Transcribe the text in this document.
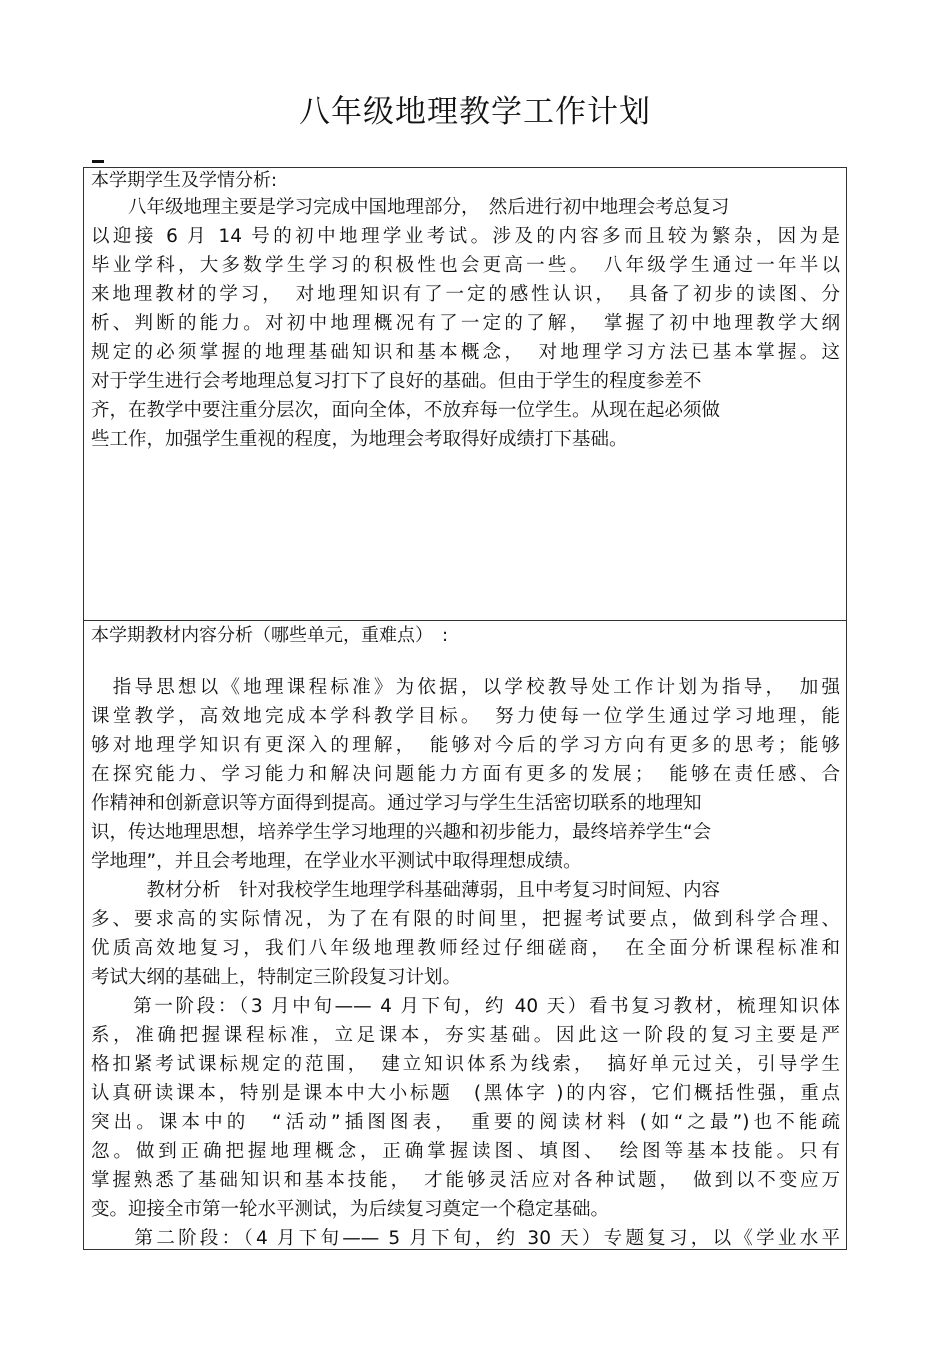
八年级地理教学工作计划

本学期学生及学情分析:

　　八年级地理主要是学习完成中国地理部分，　然后进行初中地理会考总复习

以迎接 6 月 14 号的初中地理学业考试。涉及的内容多而且较为繁杂，因为是

毕业学科，大多数学生学习的积极性也会更高一些。　八年级学生通过一年半以

来地理教材的学习，　对地理知识有了一定的感性认识，　具备了初步的读图、分

析、判断的能力。对初中地理概况有了一定的了解，　掌握了初中地理教学大纲

规定的必须掌握的地理基础知识和基本概念，　对地理学习方法已基本掌握。这

对于学生进行会考地理总复习打下了良好的基础。但由于学生的程度参差不

齐，在教学中要注重分层次，面向全体，不放弃每一位学生。从现在起必须做

些工作，加强学生重视的程度，为地理会考取得好成绩打下基础。

本学期教材内容分析（哪些单元，重难点）　:

　指导思想以《地理课程标准》为依据，以学校教导处工作计划为指导，　加强

课堂教学，高效地完成本学科教学目标。　努力使每一位学生通过学习地理，能

够对地理学知识有更深入的理解，　能够对今后的学习方向有更多的思考；能够

在探究能力、学习能力和解决问题能力方面有更多的发展；　能够在责任感、合

作精神和创新意识等方面得到提高。通过学习与学生生活密切联系的地理知

识，传达地理思想，培养学生学习地理的兴趣和初步能力，最终培养学生“会

学地理”，并且会考地理，在学业水平测试中取得理想成绩。

　　　教材分析　针对我校学生地理学科基础薄弱，且中考复习时间短、内容

多、要求高的实际情况，为了在有限的时间里，把握考试要点，做到科学合理、

优质高效地复习，我们八年级地理教师经过仔细磋商，　在全面分析课程标准和

考试大纲的基础上，特制定三阶段复习计划。

　　第一阶段：（3 月中旬—— 4 月下旬，约 40 天）看书复习教材，梳理知识体

系，准确把握课程标准，立足课本，夯实基础。因此这一阶段的复习主要是严

格扣紧考试课标规定的范围，　建立知识体系为线索，　搞好单元过关，引导学生

认真研读课本，特别是课本中大小标题　(黑体字 )的内容，它们概括性强，重点

突出。课本中的　“活动”插图图表，　重要的阅读材料 (如“之最”)也不能疏

忽。做到正确把握地理概念，正确掌握读图、填图、　绘图等基本技能。只有

掌握熟悉了基础知识和基本技能，　才能够灵活应对各种试题，　做到以不变应万

变。迎接全市第一轮水平测试，为后续复习奠定一个稳定基础。

　　第二阶段：（4 月下旬—— 5 月下旬，约 30 天）专题复习，以《学业水平
